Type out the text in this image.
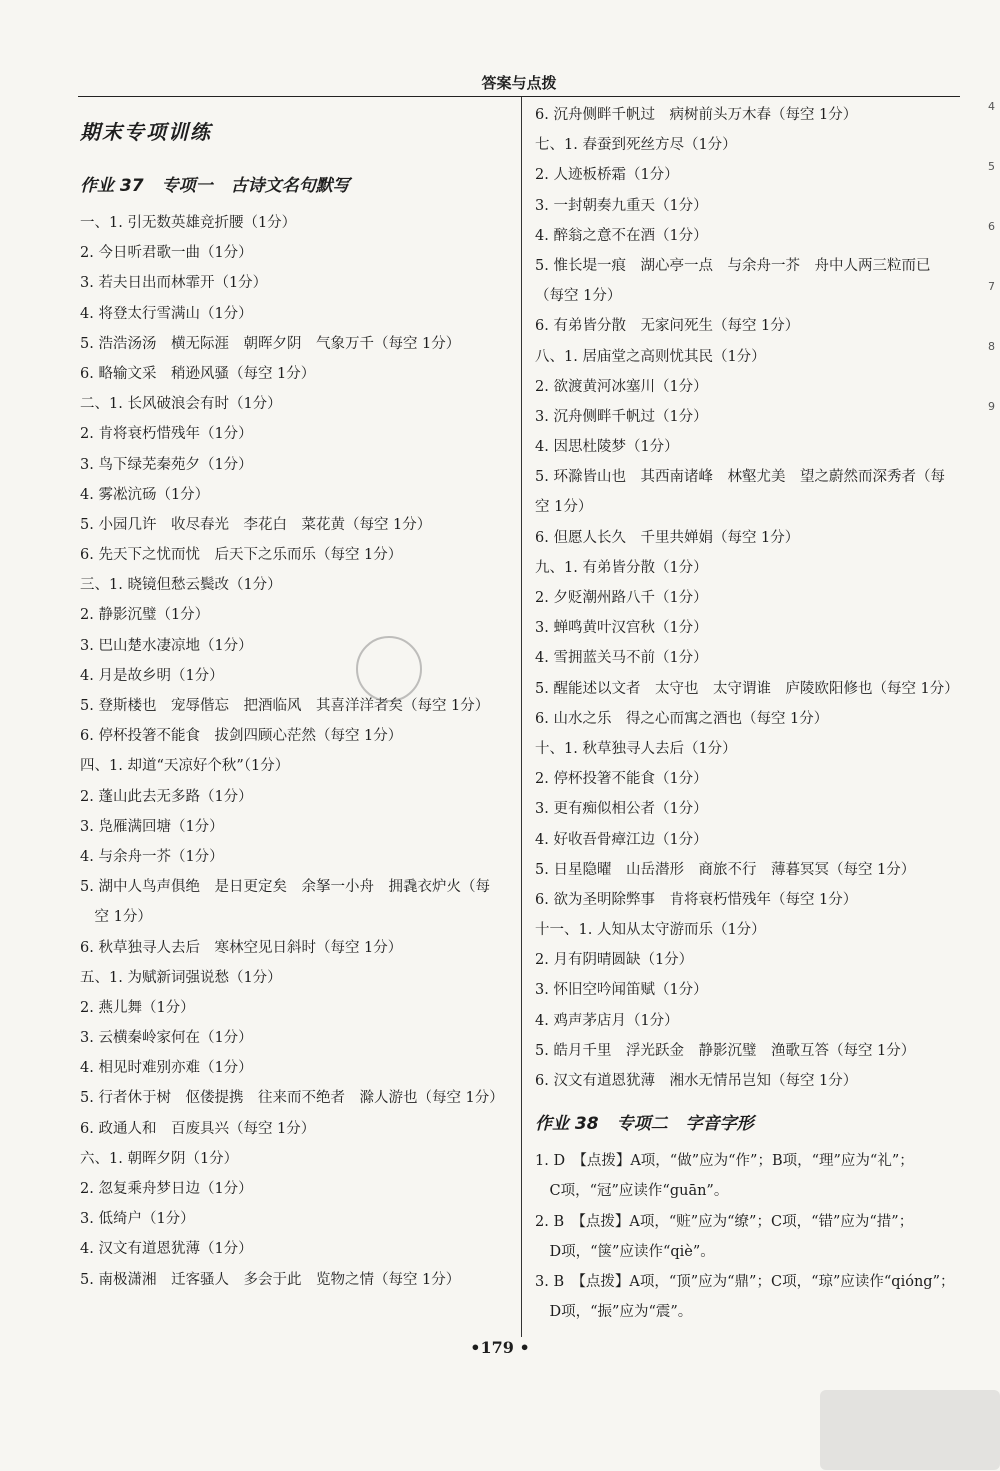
答案与点拨
期末专项训练
作业 37 专项一 古诗文名句默写
一、1. 引无数英雄竞折腰（1分）
2. 今日听君歌一曲（1分）
3. 若夫日出而林霏开（1分）
4. 将登太行雪满山（1分）
5. 浩浩汤汤　横无际涯　朝晖夕阴　气象万千（每空 1分）
6. 略输文采　稍逊风骚（每空 1分）
二、1. 长风破浪会有时（1分）
2. 肯将衰朽惜残年（1分）
3. 鸟下绿芜秦苑夕（1分）
4. 雾凇沆砀（1分）
5. 小园几许　收尽春光　李花白　菜花黄（每空 1分）
6. 先天下之忧而忧　后天下之乐而乐（每空 1分）
三、1. 晓镜但愁云鬓改（1分）
2. 静影沉璧（1分）
3. 巴山楚水凄凉地（1分）
4. 月是故乡明（1分）
5. 登斯楼也　宠辱偕忘　把酒临风　其喜洋洋者矣（每空 1分）
6. 停杯投箸不能食　拔剑四顾心茫然（每空 1分）
四、1. 却道“天凉好个秋”（1分）
2. 蓬山此去无多路（1分）
3. 凫雁满回塘（1分）
4. 与余舟一芥（1分）
5. 湖中人鸟声俱绝　是日更定矣　余拏一小舟　拥毳衣炉火（每
　空 1分）
6. 秋草独寻人去后　寒林空见日斜时（每空 1分）
五、1. 为赋新词强说愁（1分）
2. 燕儿舞（1分）
3. 云横秦岭家何在（1分）
4. 相见时难别亦难（1分）
5. 行者休于树　伛偻提携　往来而不绝者　滁人游也（每空 1分）
6. 政通人和　百废具兴（每空 1分）
六、1. 朝晖夕阴（1分）
2. 忽复乘舟梦日边（1分）
3. 低绮户（1分）
4. 汉文有道恩犹薄（1分）
5. 南极潇湘　迁客骚人　多会于此　览物之情（每空 1分）
6. 沉舟侧畔千帆过　病树前头万木春（每空 1分）
七、1. 春蚕到死丝方尽（1分）
2. 人迹板桥霜（1分）
3. 一封朝奏九重天（1分）
4. 醉翁之意不在酒（1分）
5. 惟长堤一痕　湖心亭一点　与余舟一芥　舟中人两三粒而已
（每空 1分）
6. 有弟皆分散　无家问死生（每空 1分）
八、1. 居庙堂之高则忧其民（1分）
2. 欲渡黄河冰塞川（1分）
3. 沉舟侧畔千帆过（1分）
4. 因思杜陵梦（1分）
5. 环滁皆山也　其西南诸峰　林壑尤美　望之蔚然而深秀者（每
空 1分）
6. 但愿人长久　千里共婵娟（每空 1分）
九、1. 有弟皆分散（1分）
2. 夕贬潮州路八千（1分）
3. 蝉鸣黄叶汉宫秋（1分）
4. 雪拥蓝关马不前（1分）
5. 醒能述以文者　太守也　太守谓谁　庐陵欧阳修也（每空 1分）
6. 山水之乐　得之心而寓之酒也（每空 1分）
十、1. 秋草独寻人去后（1分）
2. 停杯投箸不能食（1分）
3. 更有痴似相公者（1分）
4. 好收吾骨瘴江边（1分）
5. 日星隐曜　山岳潜形　商旅不行　薄暮冥冥（每空 1分）
6. 欲为圣明除弊事　肯将衰朽惜残年（每空 1分）
十一、1. 人知从太守游而乐（1分）
2. 月有阴晴圆缺（1分）
3. 怀旧空吟闻笛赋（1分）
4. 鸡声茅店月（1分）
5. 皓月千里　浮光跃金　静影沉璧　渔歌互答（每空 1分）
6. 汉文有道恩犹薄　湘水无情吊岂知（每空 1分）
作业 38 专项二 字音字形
1. D　【点拨】A项，“做”应为“作”；B项，“理”应为“礼”；
　C项，“冠”应读作“guān”。
2. B　【点拨】A项，“赃”应为“缭”；C项，“错”应为“措”；
　D项，“箧”应读作“qiè”。
3. B　【点拨】A项，“顶”应为“鼎”；C项，“琼”应读作“qióng”；
　D项，“振”应为“震”。
•179 •
4
5
6
7
8
9
